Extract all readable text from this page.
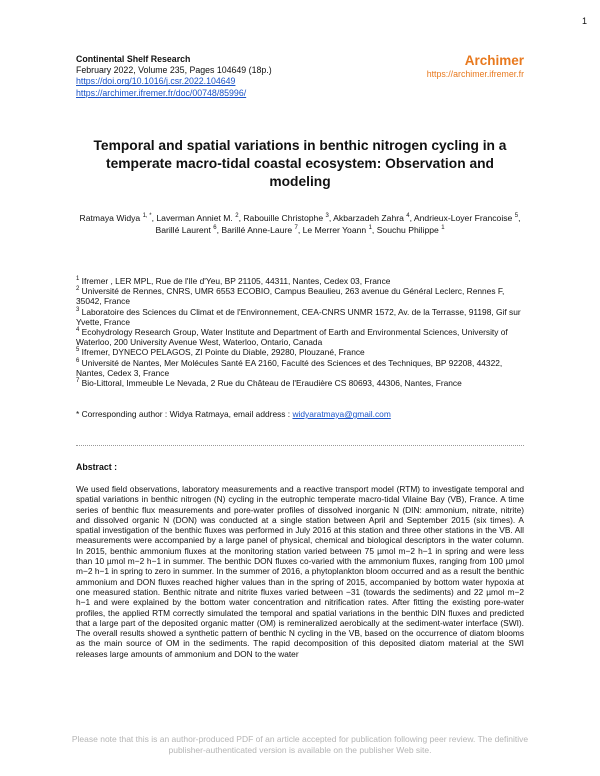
1
Continental Shelf Research
February 2022, Volume 235, Pages 104649 (18p.)
https://doi.org/10.1016/j.csr.2022.104649
https://archimer.ifremer.fr/doc/00748/85996/
Archimer
https://archimer.ifremer.fr
Temporal and spatial variations in benthic nitrogen cycling in a temperate macro-tidal coastal ecosystem: Observation and modeling
Ratmaya Widya $^{1, *}$, Laverman Anniet M. $^2$, Rabouille Christophe $^3$, Akbarzadeh Zahra $^4$, Andrieux-Loyer Francoise $^5$, Barillé Laurent $^6$, Barillé Anne-Laure $^7$, Le Merrer Yoann $^1$, Souchu Philippe $^1$

$^1$ Ifremer , LER MPL, Rue de l'Ile d'Yeu, BP 21105, 44311, Nantes, Cedex 03, France

$^2$ Université de Rennes, CNRS, UMR 6553 ECOBIO, Campus Beaulieu, 263 avenue du Général Leclerc, Rennes F, 35042, France

$^3$ Laboratoire des Sciences du Climat et de l'Environnement, CEA-CNRS UNMR 1572, Av. de la Terrasse, 91198, Gif sur Yvette, France

$^4$ Ecohydrology Research Group, Water Institute and Department of Earth and Environmental Sciences, University of Waterloo, 200 University Avenue West, Waterloo, Ontario, Canada

$^5$ Ifremer, DYNECO PELAGOS, ZI Pointe du Diable, 29280, Plouzané, France

$^6$ Université de Nantes, Mer Molécules Santé EA 2160, Faculté des Sciences et des Techniques, BP 92208, 44322, Nantes, Cedex 3, France

$^7$ Bio-Littoral, Immeuble Le Nevada, 2 Rue du Château de l'Eraudière CS 80693, 44306, Nantes, France

* Corresponding author : Widya Ratmaya, email address : widyaratmaya@gmail.com
Abstract :
We used field observations, laboratory measurements and a reactive transport model (RTM) to investigate temporal and spatial variations in benthic nitrogen (N) cycling in the eutrophic temperate macro-tidal Vilaine Bay (VB), France. A time series of benthic flux measurements and pore-water profiles of dissolved inorganic N (DIN: ammonium, nitrate, nitrite) and dissolved organic N (DON) was conducted at a single station between April and September 2015 (six times). A spatial investigation of the benthic fluxes was performed in July 2016 at this station and three other stations in the VB. All measurements were accompanied by a large panel of physical, chemical and biological descriptors in the water column. In 2015, benthic ammonium fluxes at the monitoring station varied between 75 µmol m−2 h−1 in spring and were less than 10 µmol m−2 h−1 in summer. The benthic DON fluxes co-varied with the ammonium fluxes, ranging from 100 µmol m−2 h−1 in spring to zero in summer. In the summer of 2016, a phytoplankton bloom occurred and as a result the benthic ammonium and DON fluxes reached higher values than in the spring of 2015, accompanied by bottom water hypoxia at one measured station. Benthic nitrate and nitrite fluxes varied between −31 (towards the sediments) and 22 µmol m−2 h−1 and were explained by the bottom water concentration and nitrification rates. After fitting the existing pore-water profiles, the applied RTM correctly simulated the temporal and spatial variations in the benthic DIN fluxes and predicted that a large part of the deposited organic matter (OM) is remineralized aerobically at the sediment-water interface (SWI). The overall results showed a synthetic pattern of benthic N cycling in the VB, based on the occurrence of diatom blooms as the main source of OM in the sediments. The rapid decomposition of this deposited diatom material at the SWI releases large amounts of ammonium and DON to the water
Please note that this is an author-produced PDF of an article accepted for publication following peer review. The definitive publisher-authenticated version is available on the publisher Web site.
